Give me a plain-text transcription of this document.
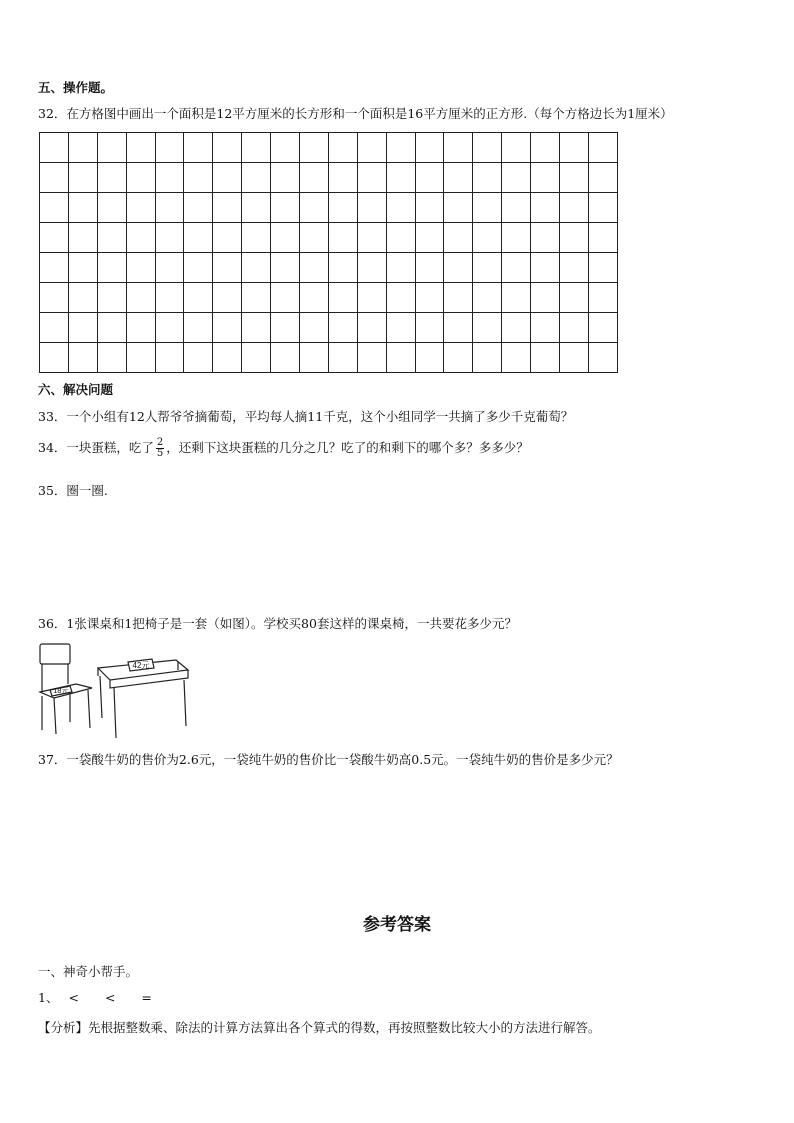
五、操作题。
32．在方格图中画出一个面积是12平方厘米的长方形和一个面积是16平方厘米的正方形.（每个方格边长为1厘米）
六、解决问题
33．一个小组有12人帮爷爷摘葡萄，平均每人摘11千克，这个小组同学一共摘了多少千克葡萄？
34．一块蛋糕，吃了 $\frac{2}{5}$ ，还剩下这块蛋糕的几分之几？吃了的和剩下的哪个多？多多少？
35．圈一圈.
36．1张课桌和1把椅子是一套（如图）。学校买80套这样的课桌椅，一共要花多少元？
18元
42元
37．一袋酸牛奶的售价为2.6元，一袋纯牛奶的售价比一袋酸牛奶高0.5元。一袋纯牛奶的售价是多少元？
参考答案
一、神奇小帮手。
1、 < < =
【分析】先根据整数乘、除法的计算方法算出各个算式的得数，再按照整数比较大小的方法进行解答。
